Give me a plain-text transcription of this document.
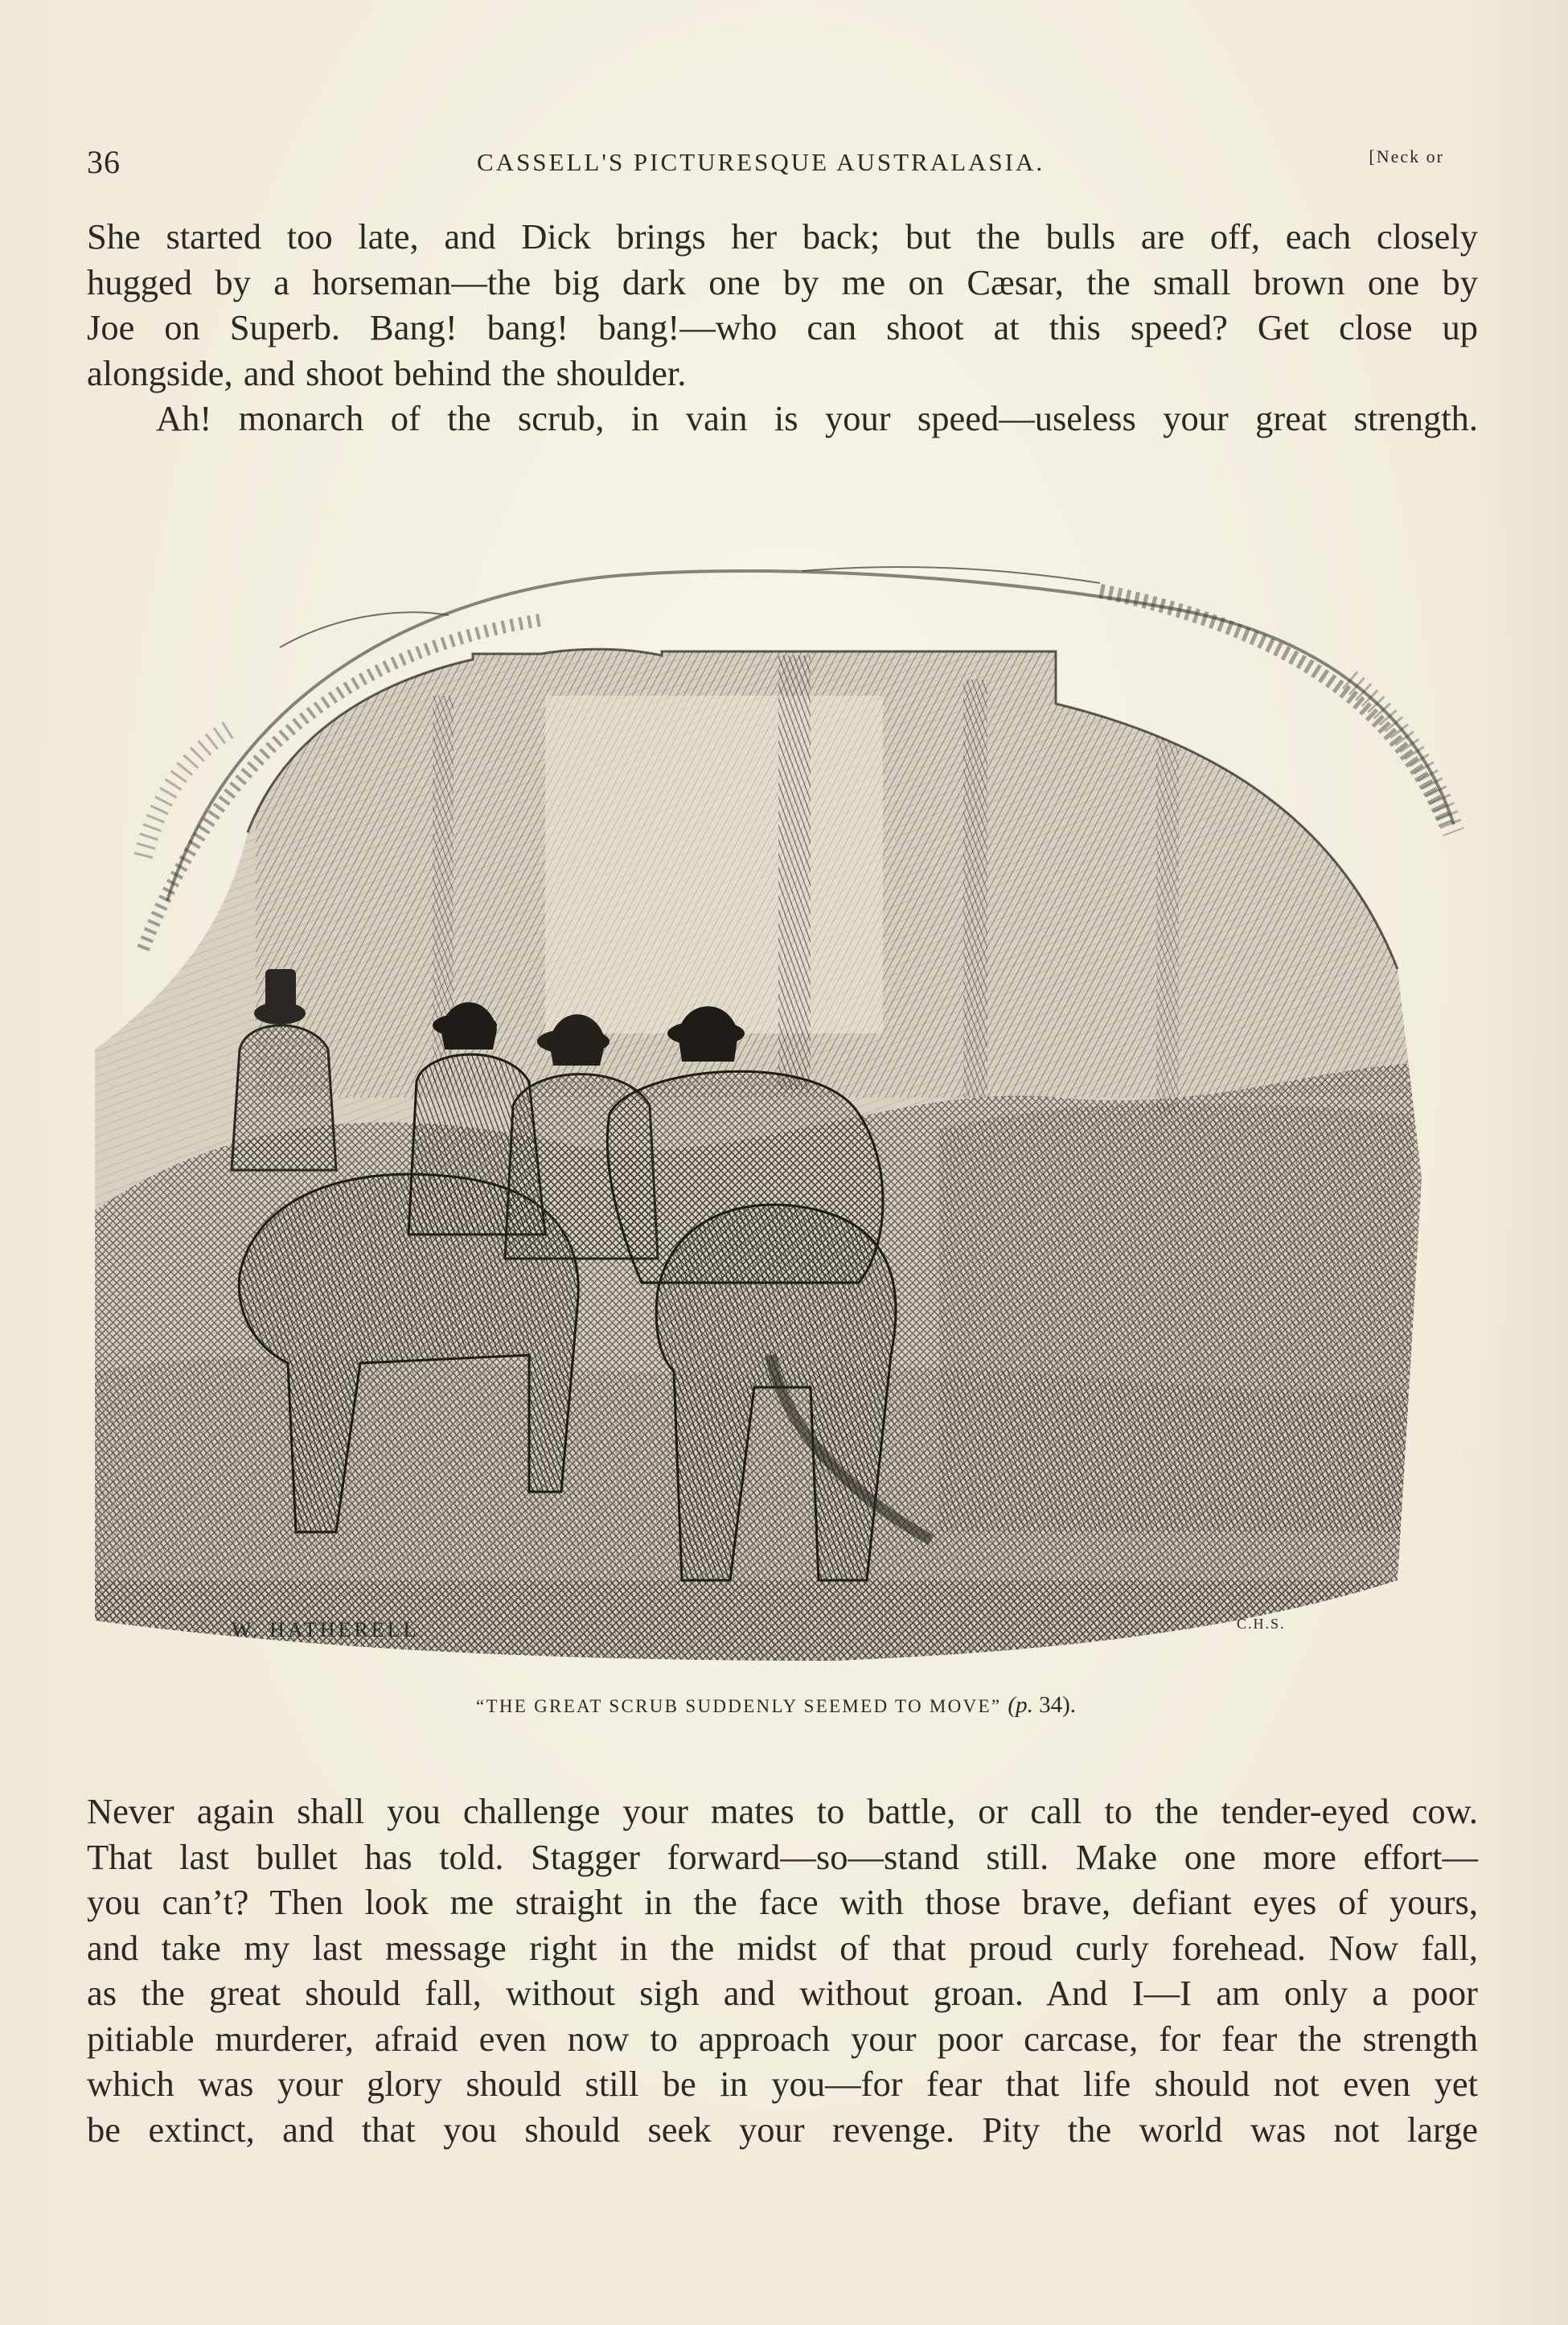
36	CASSELL'S PICTURESQUE AUSTRALASIA.	[Neck or

She started too late, and Dick brings her back; but the bulls are off, each closely

hugged by a horseman—the big dark one by me on Cæsar, the small brown one by

Joe on Superb. Bang! bang! bang!—who can shoot at this speed? Get close up

alongside, and shoot behind the shoulder.

Ah! monarch of the scrub, in vain is your speed—useless your great strength.

W. HATHERELL	C.H.S.
“THE GREAT SCRUB SUDDENLY SEEMED TO MOVE” (p. 34).

Never again shall you challenge your mates to battle, or call to the tender-eyed cow.

That last bullet has told. Stagger forward—so—stand still. Make one more effort—

you can’t? Then look me straight in the face with those brave, defiant eyes of yours,

and take my last message right in the midst of that proud curly forehead. Now fall,

as the great should fall, without sigh and without groan. And I—I am only a poor

pitiable murderer, afraid even now to approach your poor carcase, for fear the strength

which was your glory should still be in you—for fear that life should not even yet

be extinct, and that you should seek your revenge. Pity the world was not large
